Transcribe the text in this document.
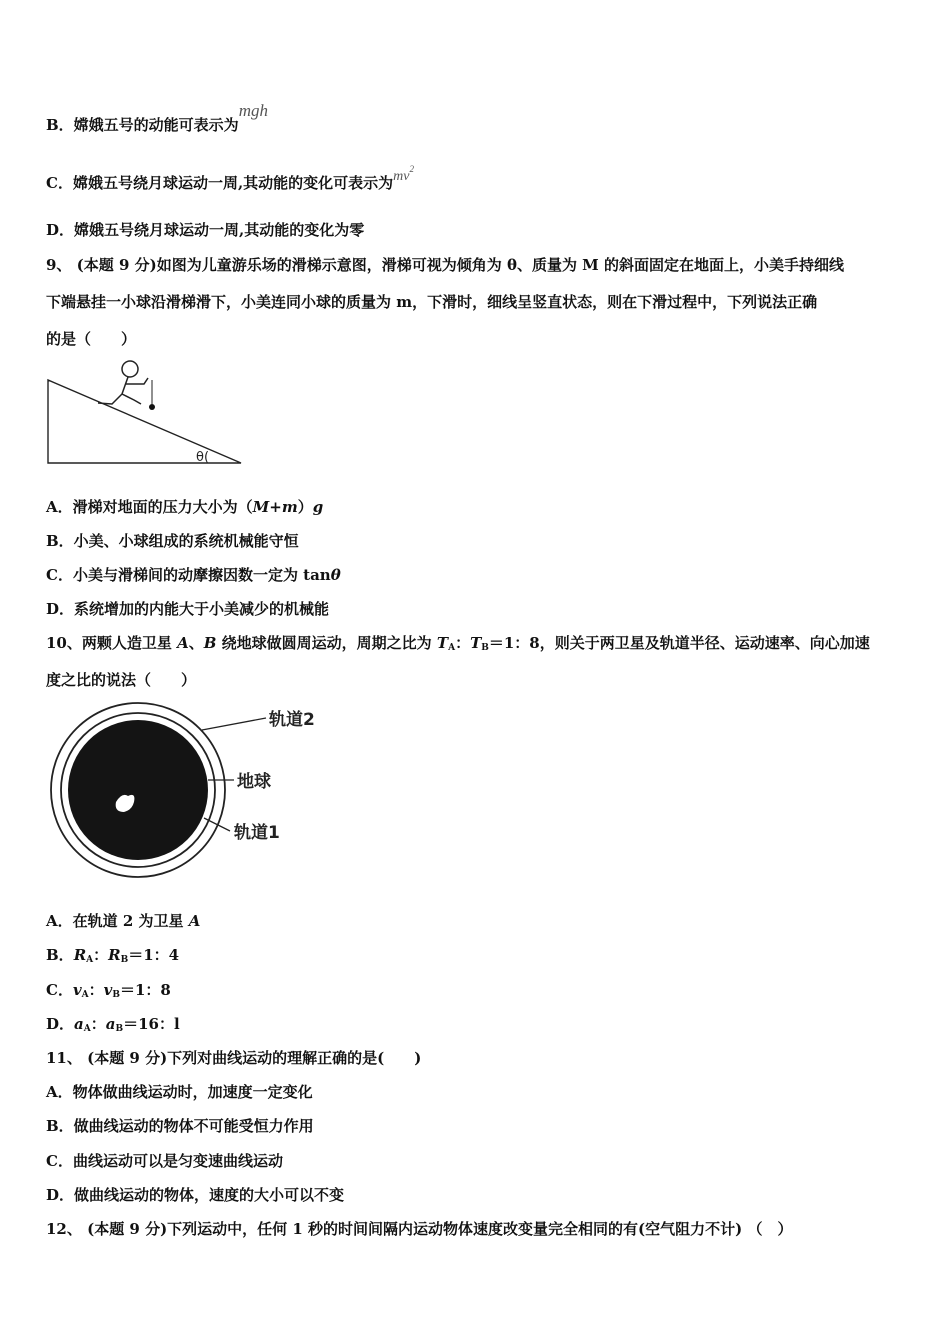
B．嫦娥五号的动能可表示为mgh
C．嫦娥五号绕月球运动一周,其动能的变化可表示为$mv^2$
D．嫦娥五号绕月球运动一周,其动能的变化为零
9、 (本题 9 分)如图为儿童游乐场的滑梯示意图，滑梯可视为倾角为 θ、质量为 M 的斜面固定在地面上，小美手持细线
下端悬挂一小球沿滑梯滑下，小美连同小球的质量为 m，下滑时，细线呈竖直状态，则在下滑过程中，下列说法正确
的是（　　）
θ(
A．滑梯对地面的压力大小为（M+m）g
B．小美、小球组成的系统机械能守恒
C．小美与滑梯间的动摩擦因数一定为 tanθ
D．系统增加的内能大于小美减少的机械能
10、两颗人造卫星 A、B 绕地球做圆周运动，周期之比为 $T_A$：$T_B=1$：8，则关于两卫星及轨道半径、运动速率、向心加速
度之比的说法（　　）
轨道2
地球
轨道1
A．在轨道 2 为卫星 A
B．$R_A$：$R_B=1$：4
C．$v_A$：$v_B=1$：8
D．$a_A$：$a_B=16$：l
11、 (本题 9 分)下列对曲线运动的理解正确的是(　　)
A．物体做曲线运动时，加速度一定变化
B．做曲线运动的物体不可能受恒力作用
C．曲线运动可以是匀变速曲线运动
D．做曲线运动的物体，速度的大小可以不变
12、 (本题 9 分)下列运动中，任何 1 秒的时间间隔内运动物体速度改变量完全相同的有(空气阻力不计) （　）
